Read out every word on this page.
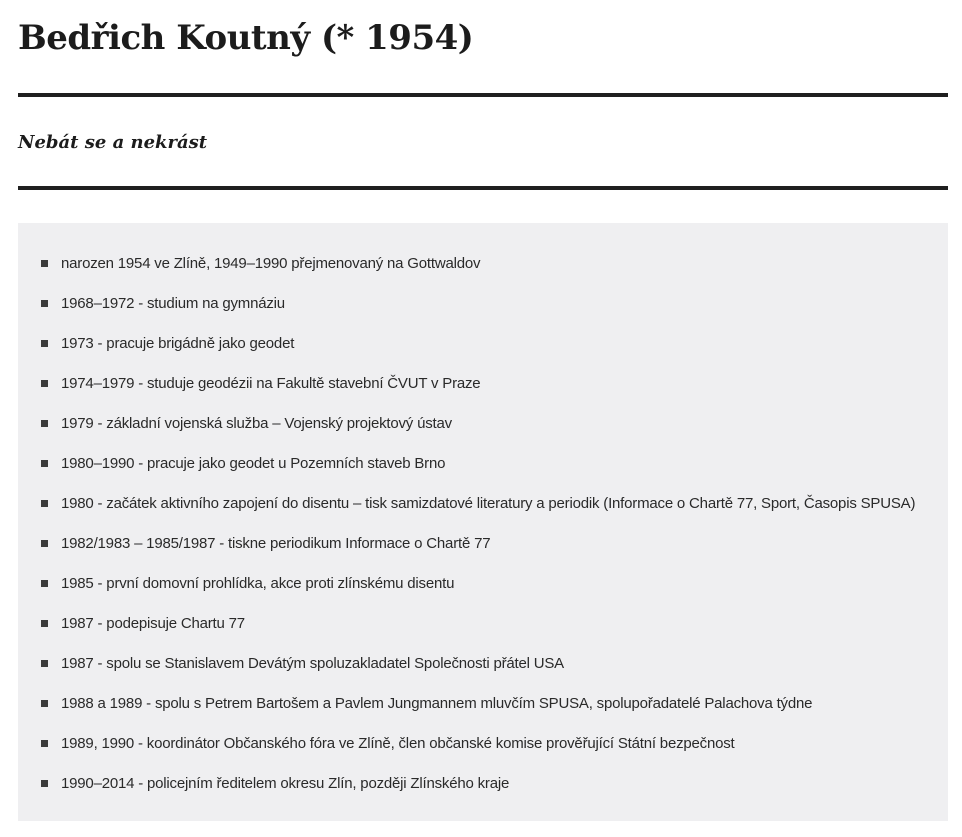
Bedřich Koutný (* 1954)

Nebát se a nekrást

narozen 1954 ve Zlíně, 1949–1990 přejmenovaný na Gottwaldov
1968–1972 - studium na gymnáziu
1973 - pracuje brigádně jako geodet
1974–1979 - studuje geodézii na Fakultě stavební ČVUT v Praze
1979 - základní vojenská služba – Vojenský projektový ústav
1980–1990 - pracuje jako geodet u Pozemních staveb Brno
1980 - začátek aktivního zapojení do disentu – tisk samizdatové literatury a periodik (Informace o Chartě 77, Sport, Časopis SPUSA)
1982/1983 – 1985/1987 - tiskne periodikum Informace o Chartě 77
1985 - první domovní prohlídka, akce proti zlínskému disentu
1987 - podepisuje Chartu 77
1987 - spolu se Stanislavem Devátým spoluzakladatel Společnosti přátel USA
1988 a 1989 - spolu s Petrem Bartošem a Pavlem Jungmannem mluvčím SPUSA, spolupořadatelé Palachova týdne
1989, 1990 - koordinátor Občanského fóra ve Zlíně, člen občanské komise prověřující Státní bezpečnost
1990–2014 - policejním ředitelem okresu Zlín, později Zlínského kraje
